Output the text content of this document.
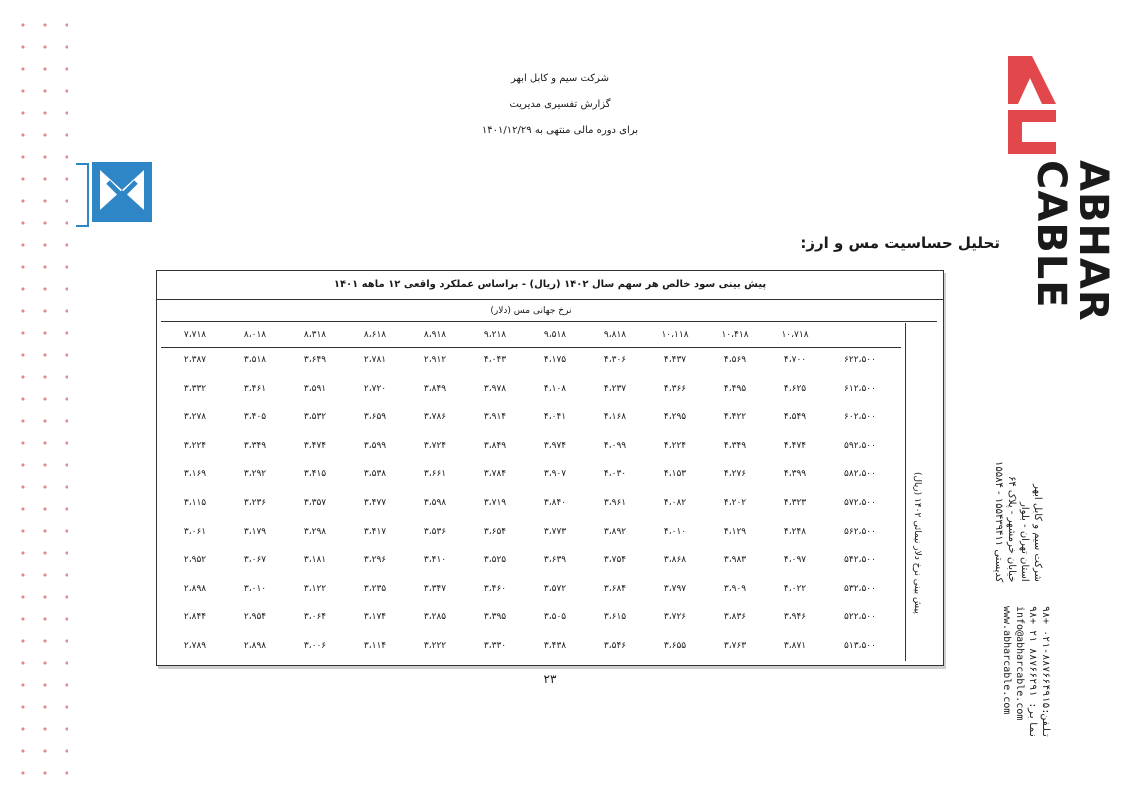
شرکت سیم و کابل ابهر
گزارش تفسیری مدیریت
برای دوره مالی منتهی به ۱۴۰۱/۱۲/۲۹
تحلیل حساسیت مس و ارز: ABHAR
CABLE
شرکت سیم و کابل ابهر
استان تهران - بلوار
خیابان خرمشهر - پلاک ۶۴
کدپستی ۱۵۵۴۳۹۴۱۱ - ۱۵۵۸۴
تلفن:۸۸۷۶۶۴۹۱۵-۰۲۱ +۹۸
نمابر: ۸۸۷۶۶۲۹۱ ۲۱ +۹۸
info@abharcable.com
www.abharcable.com
پیش بینی سود خالص هر سهم سال ۱۴۰۲ (ریال) - براساس عملکرد واقعی ۱۲ ماهه ۱۴۰۱
نرخ جهانی مس (دلار)
پیش بینی نرخ دلار نیمائی ۱۴۰۲ (ریال)
۱۰،۷۱۸
۱۰،۴۱۸
۱۰،۱۱۸
۹،۸۱۸
۹،۵۱۸
۹،۲۱۸
۸،۹۱۸
۸،۶۱۸
۸،۳۱۸
۸،۰۱۸
۷،۷۱۸
۶۲۲،۵۰۰
۴،۷۰۰
۴،۵۶۹
۴،۴۳۷
۴،۳۰۶
۴،۱۷۵
۴،۰۴۳
۲،۹۱۲
۲،۷۸۱
۳،۶۴۹
۳،۵۱۸
۲،۳۸۷
۶۱۲،۵۰۰
۴،۶۲۵
۴،۴۹۵
۴،۳۶۶
۴،۲۳۷
۴،۱۰۸
۳،۹۷۸
۳،۸۴۹
۲،۷۲۰
۳،۵۹۱
۳،۴۶۱
۳،۳۳۲
۶۰۲،۵۰۰
۴،۵۴۹
۴،۴۲۲
۴،۲۹۵
۴،۱۶۸
۴،۰۴۱
۳،۹۱۴
۳،۷۸۶
۳،۶۵۹
۳،۵۳۲
۳،۴۰۵
۳،۲۷۸
۵۹۲،۵۰۰
۴،۴۷۴
۴،۳۴۹
۴،۲۲۴
۴،۰۹۹
۳،۹۷۴
۳،۸۴۹
۳،۷۲۴
۳،۵۹۹
۳،۴۷۴
۳،۳۴۹
۳،۲۲۴
۵۸۲،۵۰۰
۴،۳۹۹
۴،۲۷۶
۴،۱۵۳
۴،۰۳۰
۳،۹۰۷
۳،۷۸۴
۳،۶۶۱
۳،۵۳۸
۳،۴۱۵
۳،۲۹۲
۳،۱۶۹
۵۷۲،۵۰۰
۴،۳۲۳
۴،۲۰۲
۴،۰۸۲
۳،۹۶۱
۳،۸۴۰
۳،۷۱۹
۳،۵۹۸
۳،۴۷۷
۳،۳۵۷
۳،۲۳۶
۳،۱۱۵
۵۶۲،۵۰۰
۴،۲۴۸
۴،۱۲۹
۴،۰۱۰
۳،۸۹۲
۳،۷۷۳
۳،۶۵۴
۳،۵۳۶
۳،۴۱۷
۳،۲۹۸
۳،۱۷۹
۳،۰۶۱
۵۴۲،۵۰۰
۴،۰۹۷
۳،۹۸۳
۳،۸۶۸
۳،۷۵۴
۳،۶۳۹
۳،۵۲۵
۳،۴۱۰
۳،۲۹۶
۳،۱۸۱
۳،۰۶۷
۲،۹۵۲
۵۳۲،۵۰۰
۴،۰۲۲
۳،۹۰۹
۳،۷۹۷
۳،۶۸۴
۳،۵۷۲
۳،۴۶۰
۳،۳۴۷
۳،۲۳۵
۳،۱۲۲
۳،۰۱۰
۲،۸۹۸
۵۲۲،۵۰۰
۳،۹۴۶
۳،۸۳۶
۳،۷۲۶
۳،۶۱۵
۳،۵۰۵
۳،۳۹۵
۳،۲۸۵
۳،۱۷۴
۳،۰۶۴
۲،۹۵۴
۲،۸۴۴
۵۱۳،۵۰۰
۳،۸۷۱
۳،۷۶۳
۳،۶۵۵
۳،۵۴۶
۳،۴۳۸
۳،۳۳۰
۳،۲۲۲
۳،۱۱۴
۳،۰۰۶
۲،۸۹۸
۲،۷۸۹
۲۳
